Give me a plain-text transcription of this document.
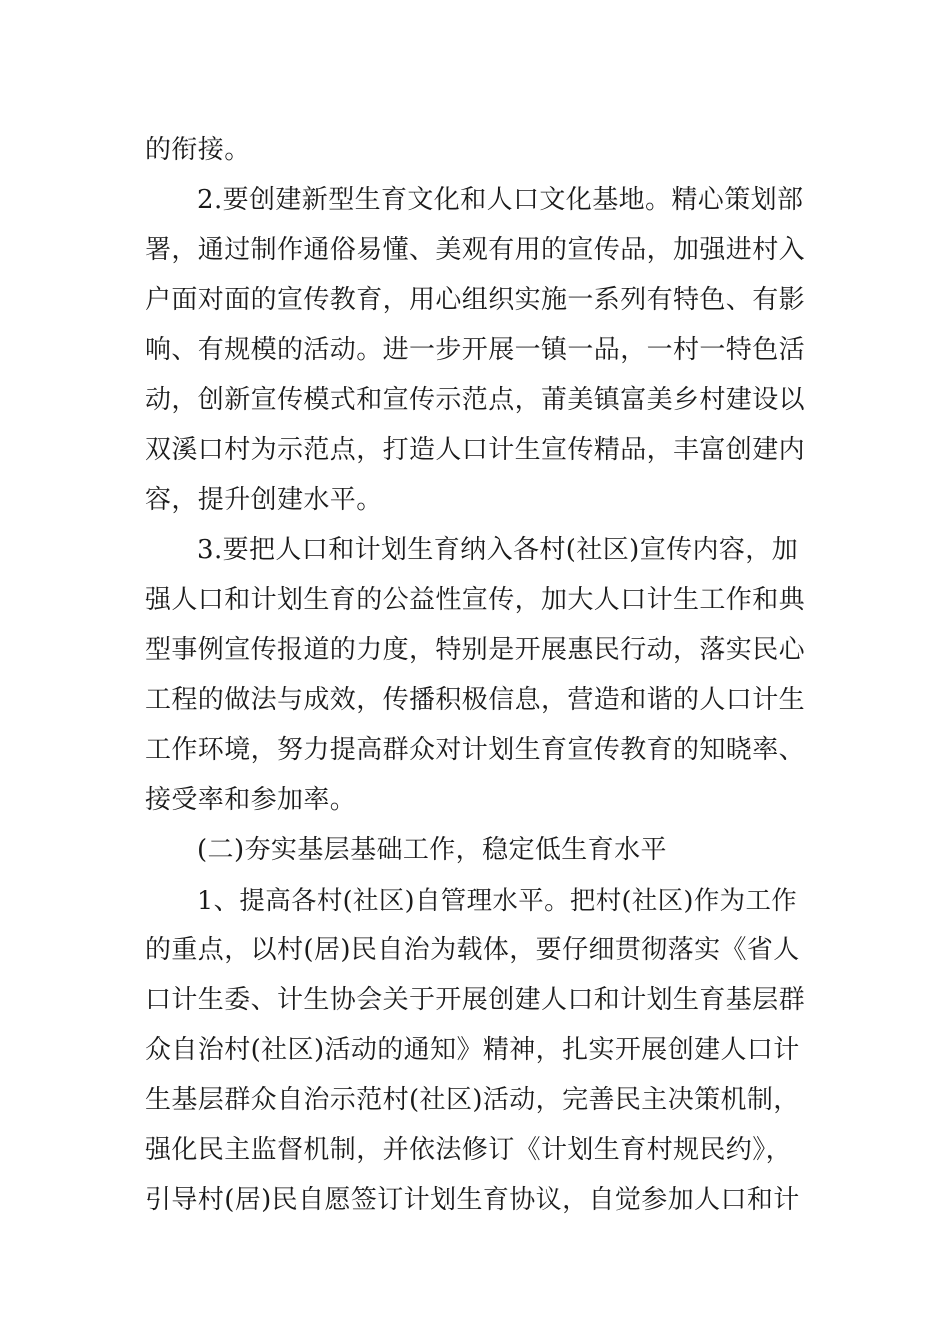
的衔接。
2.要创建新型生育文化和人口文化基地。精心策划部
署，通过制作通俗易懂、美观有用的宣传品，加强进村入
户面对面的宣传教育，用心组织实施一系列有特色、有影
响、有规模的活动。进一步开展一镇一品，一村一特色活
动，创新宣传模式和宣传示范点，莆美镇富美乡村建设以
双溪口村为示范点，打造人口计生宣传精品，丰富创建内
容，提升创建水平。
3.要把人口和计划生育纳入各村(社区)宣传内容，加
强人口和计划生育的公益性宣传，加大人口计生工作和典
型事例宣传报道的力度，特别是开展惠民行动，落实民心
工程的做法与成效，传播积极信息，营造和谐的人口计生
工作环境，努力提高群众对计划生育宣传教育的知晓率、
接受率和参加率。
(二)夯实基层基础工作，稳定低生育水平
1、提高各村(社区)自管理水平。把村(社区)作为工作
的重点，以村(居)民自治为载体，要仔细贯彻落实《省人
口计生委、计生协会关于开展创建人口和计划生育基层群
众自治村(社区)活动的通知》精神，扎实开展创建人口计
生基层群众自治示范村(社区)活动，完善民主决策机制，
强化民主监督机制，并依法修订《计划生育村规民约》，
引导村(居)民自愿签订计划生育协议，自觉参加人口和计
